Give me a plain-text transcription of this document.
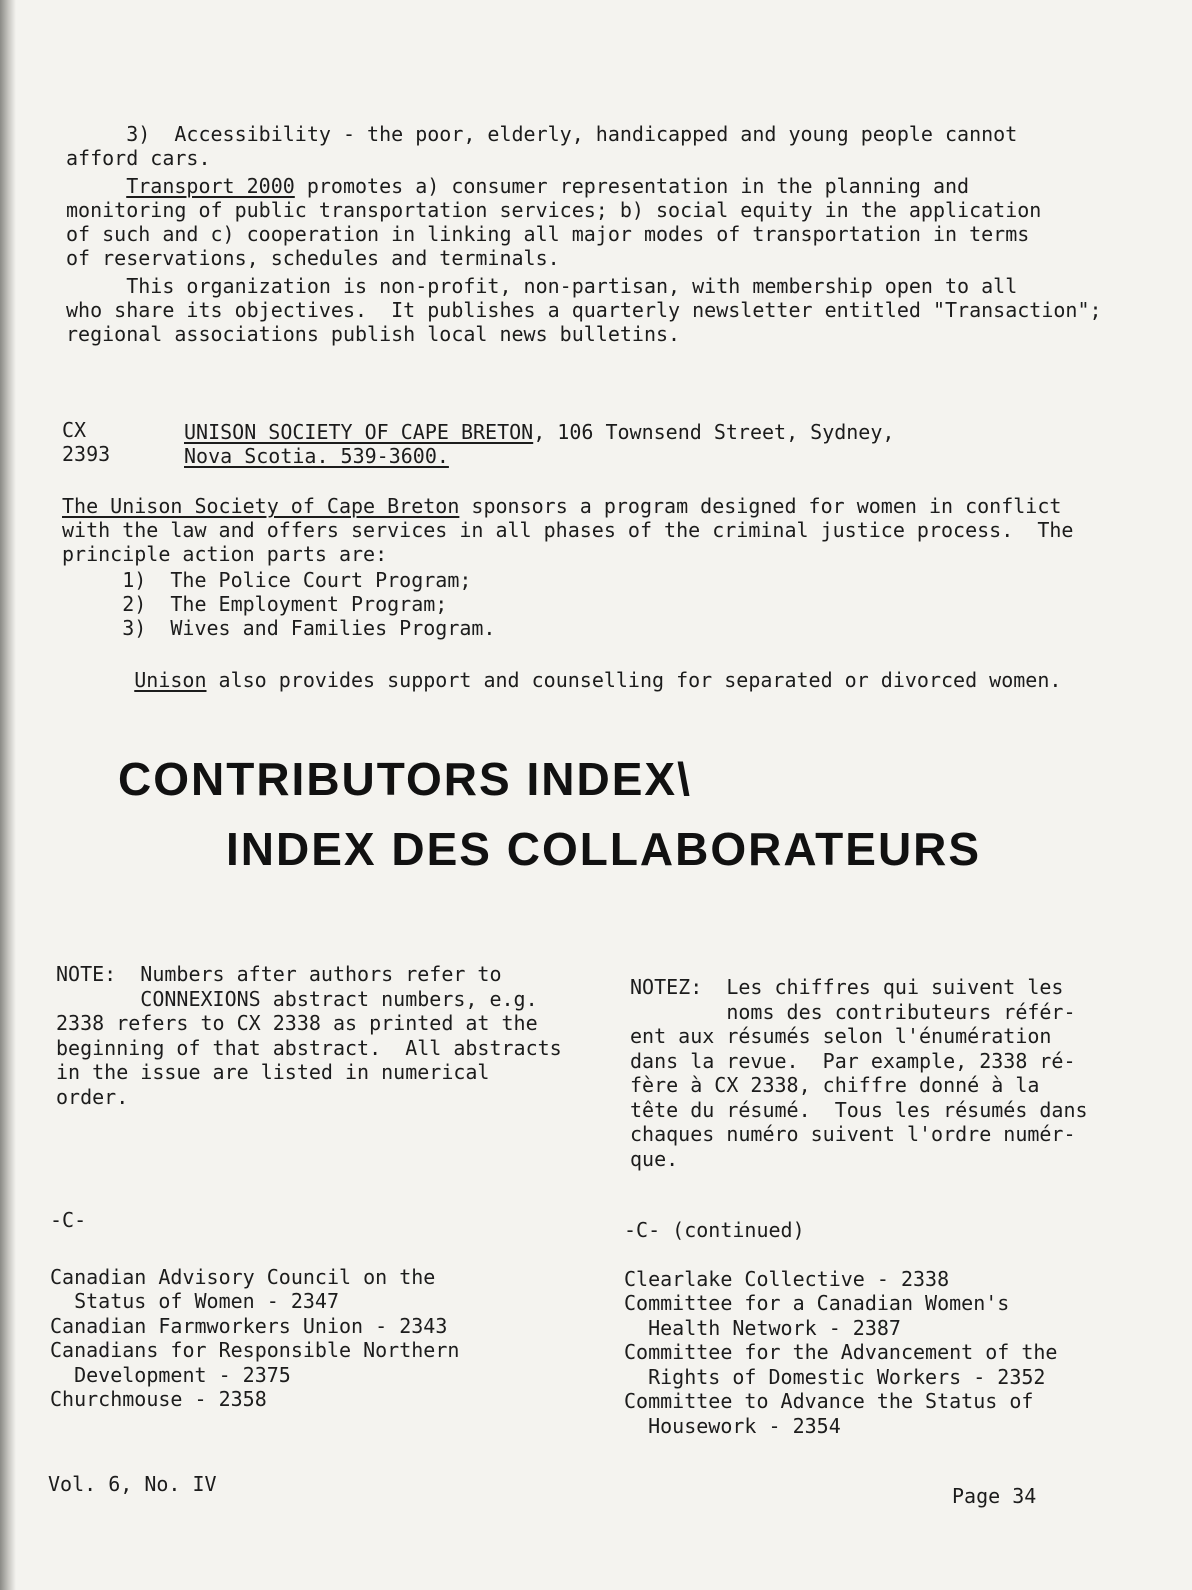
3)  Accessibility - the poor, elderly, handicapped and young people cannot
afford cars.
Transport 2000 promotes a) consumer representation in the planning and
monitoring of public transportation services; b) social equity in the application
of such and c) cooperation in linking all major modes of transportation in terms
of reservations, schedules and terminals.
This organization is non-profit, non-partisan, with membership open to all
who share its objectives.  It publishes a quarterly newsletter entitled "Transaction";
regional associations publish local news bulletins.
CX
2393
UNISON SOCIETY OF CAPE BRETON, 106 Townsend Street, Sydney,
Nova Scotia. 539-3600.
The Unison Society of Cape Breton sponsors a program designed for women in conflict
with the law and offers services in all phases of the criminal justice process.  The
principle action parts are:
1)  The Police Court Program;
2)  The Employment Program;
3)  Wives and Families Program.
Unison also provides support and counselling for separated or divorced women.
CONTRIBUTORS INDEX\
INDEX DES COLLABORATEURS
NOTE:  Numbers after authors refer to
CONNEXIONS abstract numbers, e.g.
2338 refers to CX 2338 as printed at the
beginning of that abstract.  All abstracts
in the issue are listed in numerical
order.
NOTEZ:  Les chiffres qui suivent les
noms des contributeurs référ-
ent aux résumés selon l'énumération
dans la revue.  Par example, 2338 ré-
fère à CX 2338, chiffre donné à la
tête du résumé.  Tous les résumés dans
chaques numéro suivent l'ordre numér-
que.
-C-
Canadian Advisory Council on the
Status of Women - 2347
Canadian Farmworkers Union - 2343
Canadians for Responsible Northern
Development - 2375
Churchmouse - 2358
-C- (continued)
Clearlake Collective - 2338
Committee for a Canadian Women's
Health Network - 2387
Committee for the Advancement of the
Rights of Domestic Workers - 2352
Committee to Advance the Status of
Housework - 2354
Vol. 6, No. IV	Page 34
